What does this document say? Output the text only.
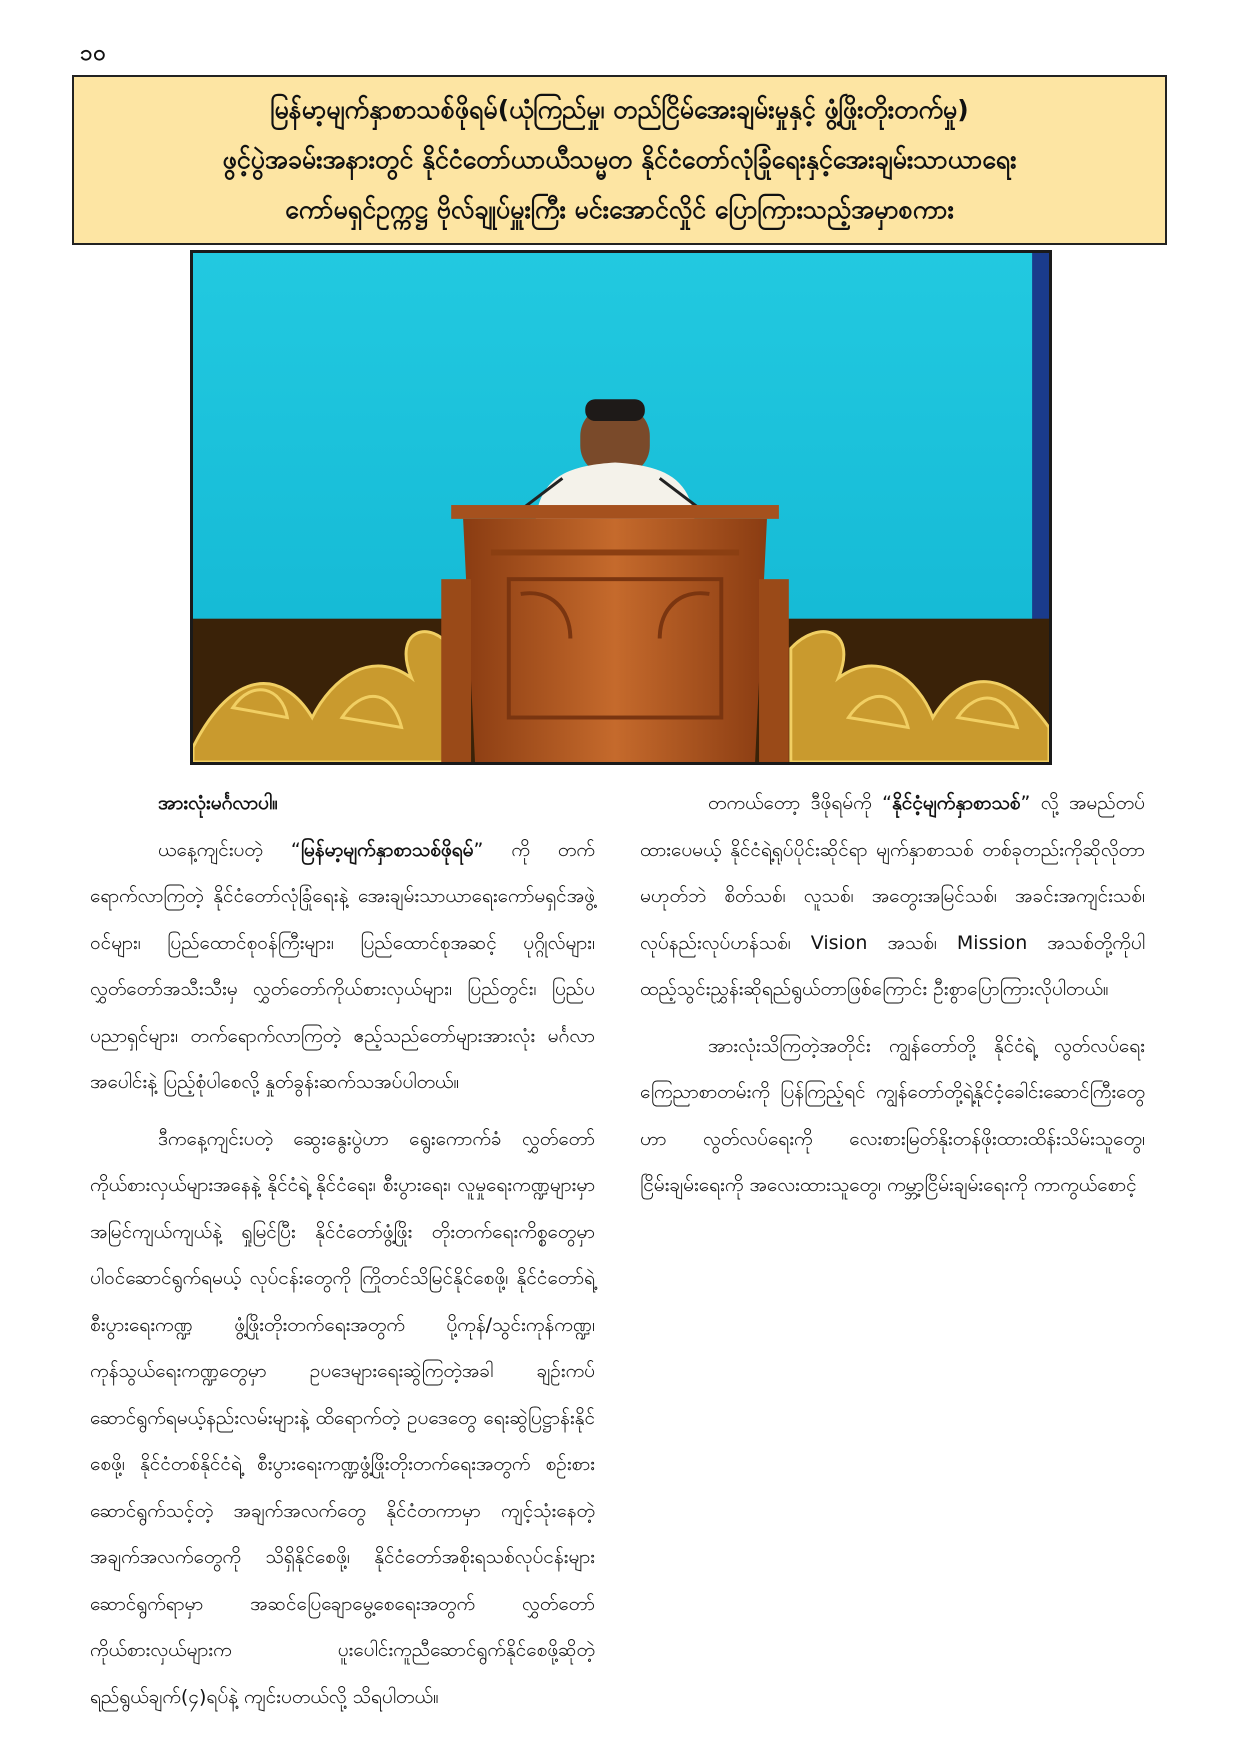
၁၀
မြန်မာ့မျက်နှာစာသစ်ဖိုရမ်(ယုံကြည်မှု၊ တည်ငြိမ်အေးချမ်းမှုနှင့် ဖွံ့ဖြိုးတိုးတက်မှု)
ဖွင့်ပွဲအခမ်းအနားတွင် နိုင်ငံတော်ယာယီသမ္မတ နိုင်ငံတော်လုံခြုံရေးနှင့်အေးချမ်းသာယာရေး
ကော်မရှင်ဥက္ကဋ္ဌ ဗိုလ်ချုပ်မှူးကြီး မင်းအောင်လှိုင် ပြောကြားသည့်အမှာစကား

အားလုံးမင်္ဂလာပါ။

ယနေ့ကျင်းပတဲ့ “မြန်မာ့မျက်နှာစာသစ်ဖိုရမ်” ကို တက်ရောက်လာကြတဲ့ နိုင်ငံတော်လုံခြုံရေးနဲ့ အေးချမ်းသာယာရေးကော်မရှင်အဖွဲ့ဝင်များ၊ ပြည်ထောင်စုဝန်ကြီးများ၊ ပြည်ထောင်စုအဆင့် ပုဂ္ဂိုလ်များ၊ လွှတ်တော်အသီးသီးမှ လွှတ်တော်ကိုယ်စားလှယ်များ၊ ပြည်တွင်း၊ ပြည်ပ ပညာရှင်များ၊ တက်ရောက်လာကြတဲ့ ဧည့်သည်တော်များအားလုံး မင်္ဂလာအပေါင်းနဲ့ ပြည့်စုံပါစေလို့ နှုတ်ခွန်းဆက်သအပ်ပါတယ်။

ဒီကနေ့ကျင်းပတဲ့ ဆွေးနွေးပွဲဟာ ရွေးကောက်ခံ လွှတ်တော် ကိုယ်စားလှယ်များအနေနဲ့ နိုင်ငံရဲ့ နိုင်ငံရေး၊ စီးပွားရေး၊ လူမှုရေးကဏ္ဍများမှာ အမြင်ကျယ်ကျယ်နဲ့ ရှုမြင်ပြီး နိုင်ငံတော်ဖွံ့ဖြိုး တိုးတက်ရေးကိစ္စတွေမှာ ပါဝင်ဆောင်ရွက်ရမယ့် လုပ်ငန်းတွေကို ကြိုတင်သိမြင်နိုင်စေဖို့၊ နိုင်ငံတော်ရဲ့ စီးပွားရေးကဏ္ဍ ဖွံ့ဖြိုးတိုးတက်ရေးအတွက် ပို့ကုန်/သွင်းကုန်ကဏ္ဍ၊ ကုန်သွယ်ရေးကဏ္ဍတွေမှာ ဥပဒေများရေးဆွဲကြတဲ့အခါ ချဉ်းကပ်ဆောင်ရွက်ရမယ့်နည်းလမ်းများနဲ့ ထိရောက်တဲ့ ဥပဒေတွေ ရေးဆွဲပြဋ္ဌာန်းနိုင်စေဖို့၊ နိုင်ငံတစ်နိုင်ငံရဲ့ စီးပွားရေးကဏ္ဍဖွံ့ဖြိုးတိုးတက်ရေးအတွက် စဉ်းစားဆောင်ရွက်သင့်တဲ့ အချက်အလက်တွေ နိုင်ငံတကာမှာ ကျင့်သုံးနေတဲ့အချက်အလက်တွေကို သိရှိနိုင်စေဖို့၊ နိုင်ငံတော်အစိုးရသစ်လုပ်ငန်းများဆောင်ရွက်ရာမှာ အဆင်ပြေချောမွေ့စေရေးအတွက် လွှတ်တော်ကိုယ်စားလှယ်များက ပူးပေါင်းကူညီဆောင်ရွက်နိုင်စေဖို့ဆိုတဲ့ ရည်ရွယ်ချက်(၄)ရပ်နဲ့ ကျင်းပတယ်လို့ သိရပါတယ်။

တကယ်တော့ ဒီဖိုရမ်ကို “နိုင်ငံ့မျက်နှာစာသစ်” လို့ အမည်တပ်ထားပေမယ့် နိုင်ငံရဲ့ရုပ်ပိုင်းဆိုင်ရာ မျက်နှာစာသစ် တစ်ခုတည်းကိုဆိုလိုတာမဟုတ်ဘဲ စိတ်သစ်၊ လူသစ်၊ အတွေးအမြင်သစ်၊ အခင်းအကျင်းသစ်၊ လုပ်နည်းလုပ်ဟန်သစ်၊ Vision အသစ်၊ Mission အသစ်တို့ကိုပါ ထည့်သွင်းညွှန်းဆိုရည်ရွယ်တာဖြစ်ကြောင်း ဦးစွာပြောကြားလိုပါတယ်။

အားလုံးသိကြတဲ့အတိုင်း ကျွန်တော်တို့ နိုင်ငံရဲ့ လွတ်လပ်ရေးကြေညာစာတမ်းကို ပြန်ကြည့်ရင် ကျွန်တော်တို့ရဲ့နိုင်ငံ့ခေါင်းဆောင်ကြီးတွေဟာ လွတ်လပ်ရေးကို လေးစားမြတ်နိုးတန်ဖိုးထားထိန်းသိမ်းသူတွေ၊ ငြိမ်းချမ်းရေးကို အလေးထားသူတွေ၊ ကမ္ဘာ့ငြိမ်းချမ်းရေးကို ကာကွယ်စောင့်
